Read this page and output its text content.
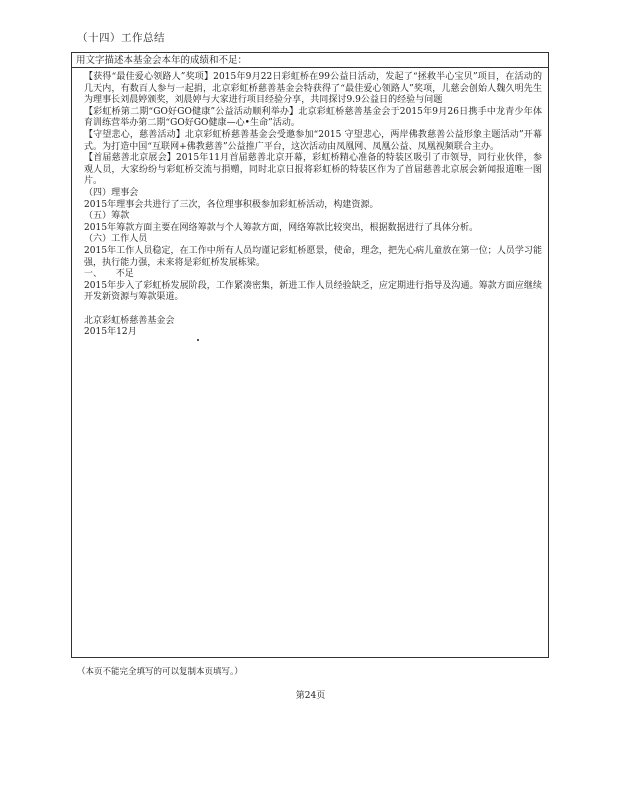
（十四）工作总结
用文字描述本基金会本年的成绩和不足：

【获得“最佳爱心领路人”奖项】2015年9月22日彩虹桥在99公益日活动，发起了“拯救半心宝贝”项目，在活动的几天内，有数百人参与一起捐，北京彩虹桥慈善基金会特获得了“最佳爱心领路人”奖项，儿慈会创始人魏久明先生为理事长刘晨婷颁奖，刘晨婷与大家进行项目经验分享，共同探讨9.9公益日的经验与问题

【彩虹桥第二期“GO好GO健康”公益活动顺利举办】北京彩虹桥慈善基金会于2015年9月26日携手中龙青少年体育训练营举办第二期“GO好GO健康—心•生命”活动。

【守望悲心，慈善活动】北京彩虹桥慈善基金会受邀参加“2015 守望悲心，两岸佛教慈善公益形象主题活动”开幕式。为打造中国“互联网+佛教慈善”公益推广平台，这次活动由凤凰网、凤凰公益、凤凰视频联合主办。

【首届慈善北京展会】2015年11月首届慈善北京开幕，彩虹桥精心准备的特装区吸引了市领导，同行业伙伴，参观人员，大家纷纷与彩虹桥交流与捐赠，同时北京日报将彩虹桥的特装区作为了首届慈善北京展会新闻报道唯一图片。

（四）理事会

2015年理事会共进行了三次，各位理事积极参加彩虹桥活动，构建资源。

（五）筹款

2015年筹款方面主要在网络筹款与个人筹款方面，网络筹款比较突出，根据数据进行了具体分析。

（六）工作人员

2015年工作人员稳定，在工作中所有人员均谨记彩虹桥愿景，使命，理念，把先心病儿童放在第一位；人员学习能强，执行能力强，未来将是彩虹桥发展栋梁。

一、　　不足

2015年步入了彩虹桥发展阶段，工作紧凑密集，新进工作人员经验缺乏，应定期进行指导及沟通。筹款方面应继续开发新资源与筹款渠道。

北京彩虹桥慈善基金会

2015年12月

（本页不能完全填写的可以复制本页填写。）
第24页
